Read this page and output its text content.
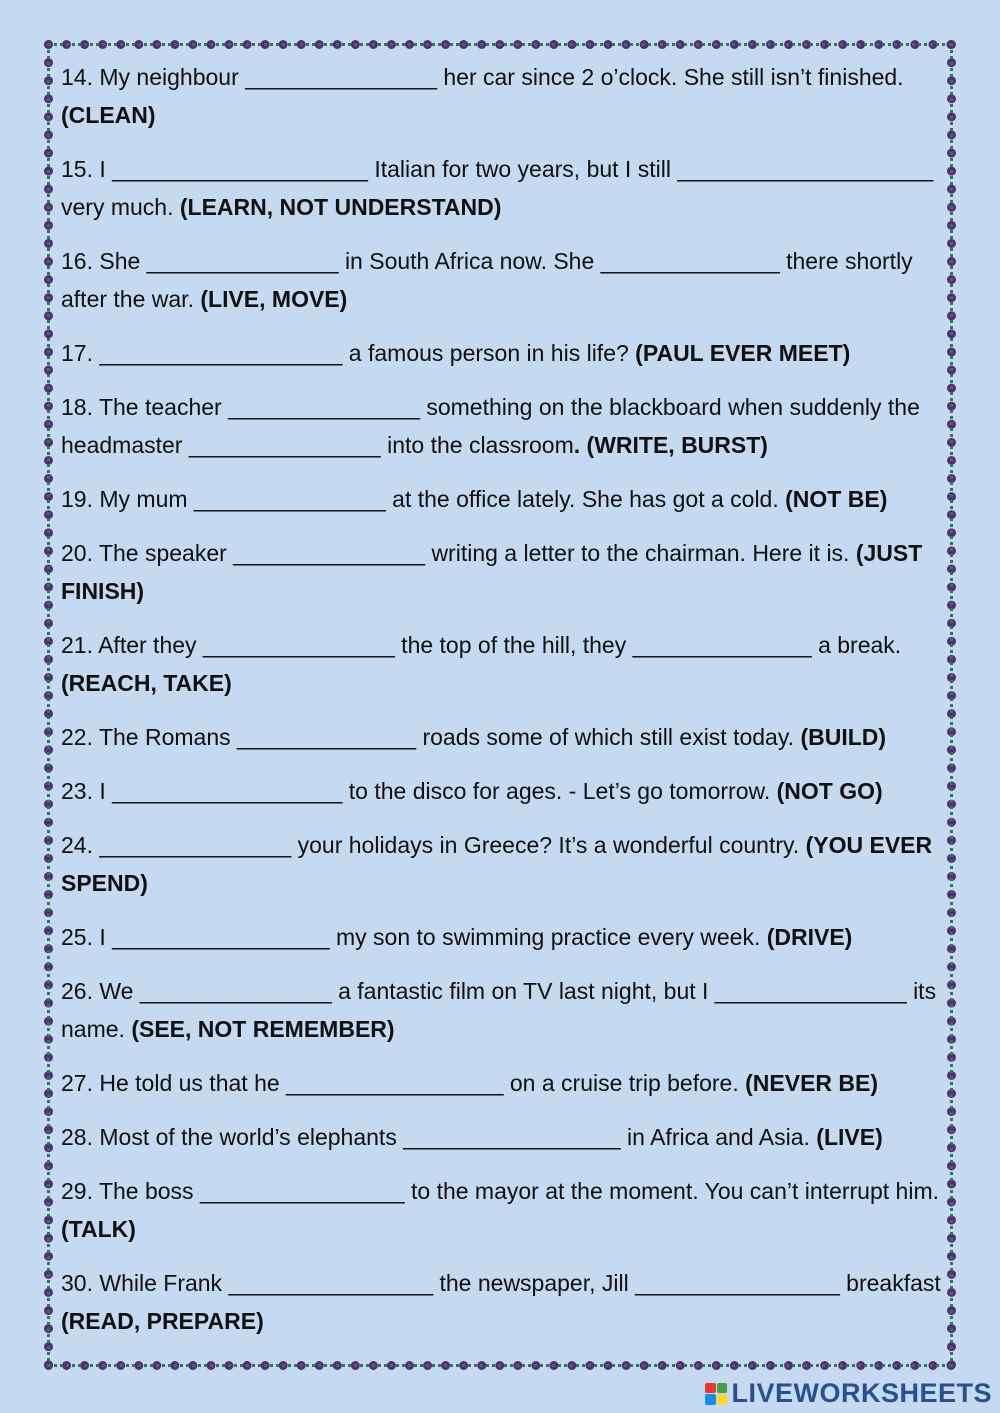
14. My neighbour _______________ her car since 2 o’clock. She still isn’t finished. (CLEAN)

15. I ____________________ Italian for two years, but I still ____________________ very much. (LEARN, NOT UNDERSTAND)

16. She _______________ in South Africa now. She ______________ there shortly after the war. (LIVE, MOVE)

17. ___________________ a famous person in his life? (PAUL EVER MEET)

18. The teacher _______________ something on the blackboard when suddenly the headmaster _______________ into the classroom. (WRITE, BURST)

19. My mum _______________ at the office lately. She has got a cold. (NOT BE)

20. The speaker _______________ writing a letter to the chairman. Here it is. (JUST FINISH)

21. After they _______________ the top of the hill, they ______________ a break. (REACH, TAKE)

22. The Romans ______________ roads some of which still exist today. (BUILD)

23. I __________________ to the disco for ages. - Let’s go tomorrow. (NOT GO)

24. _______________ your holidays in Greece? It’s a wonderful country. (YOU EVER SPEND)

25. I _________________ my son to swimming practice every week. (DRIVE)

26. We _______________ a fantastic film on TV last night, but I _______________ its name. (SEE, NOT REMEMBER)

27. He told us that he _________________ on a cruise trip before. (NEVER BE)

28. Most of the world’s elephants _________________ in Africa and Asia. (LIVE)

29. The boss ________________ to the mayor at the moment. You can’t interrupt him. (TALK)

30. While Frank ________________ the newspaper, Jill ________________ breakfast (READ, PREPARE)

LIVEWORKSHEETS
